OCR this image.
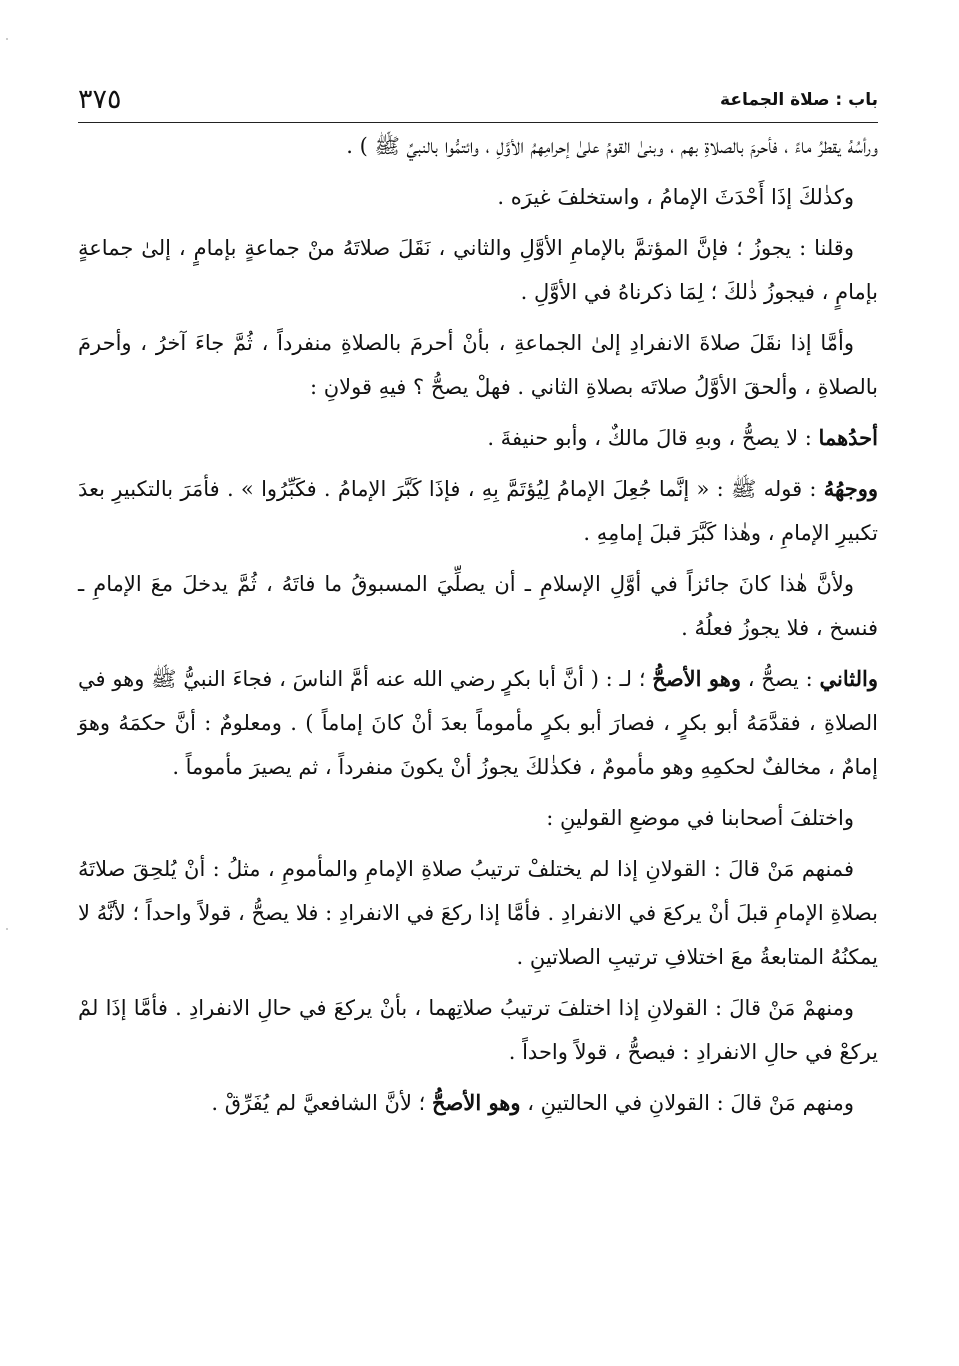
باب : صلاة الجماعة
٣٧٥

ورأسُهُ يقطرُ ماءً ، فأحرمَ بالصلاةِ بهم ، وبنىٰ القومُ علىٰ إحرامِهمُ الأوَّلِ ، وائتمُّوا بالنبيِّ ﷺ ) .

وكذٰلكَ إذَا أَحْدَثَ الإمامُ ، واستخلفَ غيرَه .

وقلنا : يجوزُ ؛ فإنَّ المؤتمَّ بالإمامِ الأوَّلِ والثاني ، نَقَلَ صلاتَهُ منْ جماعةٍ بإمامٍ ، إلىٰ جماعةٍ بإمامٍ ، فيجوزُ ذٰلكَ ؛ لِمَا ذكرناهُ في الأوَّلِ .

وأمَّا إذا نقَلَ صلاةَ الانفرادِ إلىٰ الجماعةِ ، بأنْ أحرمَ بالصلاةِ منفرداً ، ثُمَّ جاءَ آخرُ ، وأحرمَ بالصلاةِ ، وألحقَ الأوَّلُ صلاتَه بصلاةِ الثاني . فهلْ يصحُّ ؟ فيهِ قولانِ :

أحدُهما : لا يصحُّ ، وبهِ قالَ مالكٌ ، وأبو حنيفةَ .

ووجهُهُ : قوله ﷺ : « إنَّما جُعِلَ الإمامُ لِيُؤتَمَّ بِهِ ، فإذَا كَبَّرَ الإمامُ . فكَبِّرُوا » . فأمَرَ بالتكبيرِ بعدَ تكبيرِ الإمامِ ، وهٰذا كَبَّرَ قبلَ إمامِهِ .

ولأنَّ هٰذا كانَ جائزاً في أوَّلِ الإسلامِ ـ أن يصلِّيَ المسبوقُ ما فاتَهُ ، ثُمَّ يدخلَ معَ الإمامِ ـ فنسخ ، فلا يجوزُ فعلُهُ .

والثاني : يصحُّ ، وهو الأصحُّ ؛ لـ : ( أنَّ أبا بكرٍ رضي الله عنه أمَّ الناسَ ، فجاءَ النبيُّ ﷺ وهو في الصلاةِ ، فقدَّمَهُ أبو بكرٍ ، فصارَ أبو بكرٍ مأموماً بعدَ أنْ كانَ إماماً ) . ومعلومٌ : أنَّ حكمَهُ وهوَ إمامٌ ، مخالفٌ لحكمِهِ وهو مأمومٌ ، فكذٰلكَ يجوزُ أنْ يكونَ منفرداً ، ثم يصيرَ مأموماً .

واختلفَ أصحابنا في موضعِ القولينِ :

فمنهم مَنْ قالَ : القولانِ إذا لم يختلفْ ترتيبُ صلاةِ الإمامِ والمأمومِ ، مثلُ : أنْ يُلحِقَ صلاتَهُ بصلاةِ الإمامِ قبلَ أنْ يركعَ في الانفرادِ . فأمَّا إذا ركعَ في الانفرادِ : فلا يصحُّ ، قولاً واحداً ؛ لأنَّهُ لا يمكنُهُ المتابعةُ معَ اختلافِ ترتيبِ الصلاتينِ .

ومنهمْ مَنْ قالَ : القولانِ إذا اختلفَ ترتيبُ صلاتِهما ، بأنْ يركعَ في حالِ الانفرادِ . فأمَّا إذَا لمْ يركعْ في حالِ الانفرادِ : فيصحُّ ، قولاً واحداً .

ومنهم مَنْ قالَ : القولانِ في الحالتينِ ، وهو الأصحُّ ؛ لأنَّ الشافعيَّ لم يُفَرِّقْ .
